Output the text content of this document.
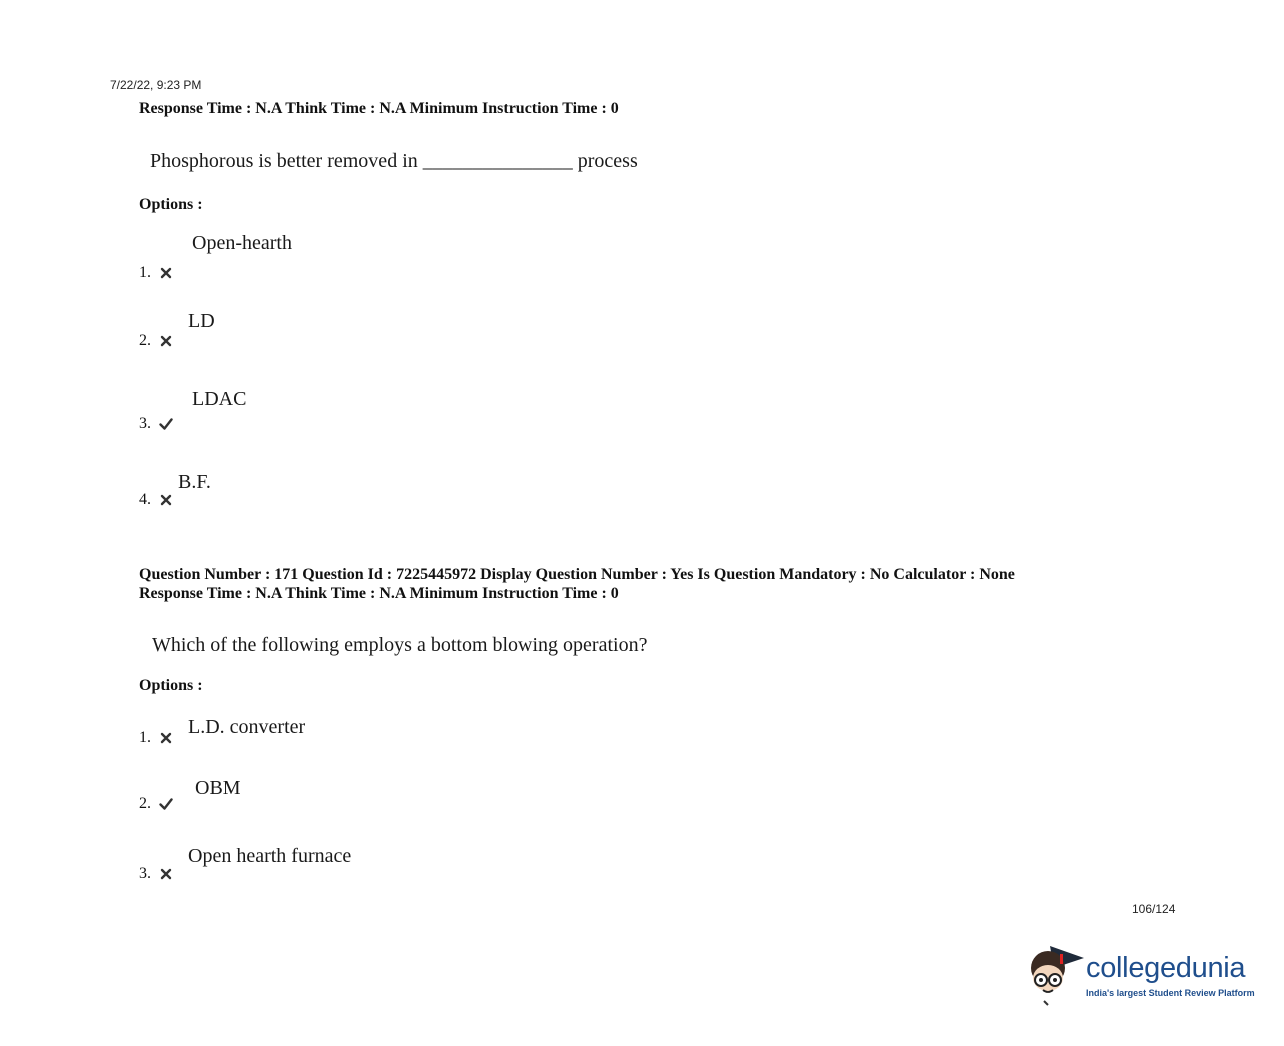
7/22/22, 9:23 PM
Response Time : N.A Think Time : N.A Minimum Instruction Time : 0
Phosphorous is better removed in _______________ process
Options :
Open-hearth
1.
LD
2.
LDAC
3.
B.F.
4.
Question Number : 171 Question Id : 7225445972 Display Question Number : Yes Is Question Mandatory : No Calculator : None
Response Time : N.A Think Time : N.A Minimum Instruction Time : 0
Which of the following employs a bottom blowing operation?
Options :
L.D. converter
1.
OBM
2.
Open hearth furnace
3.
106/124
collegedunia
India's largest Student Review Platform
